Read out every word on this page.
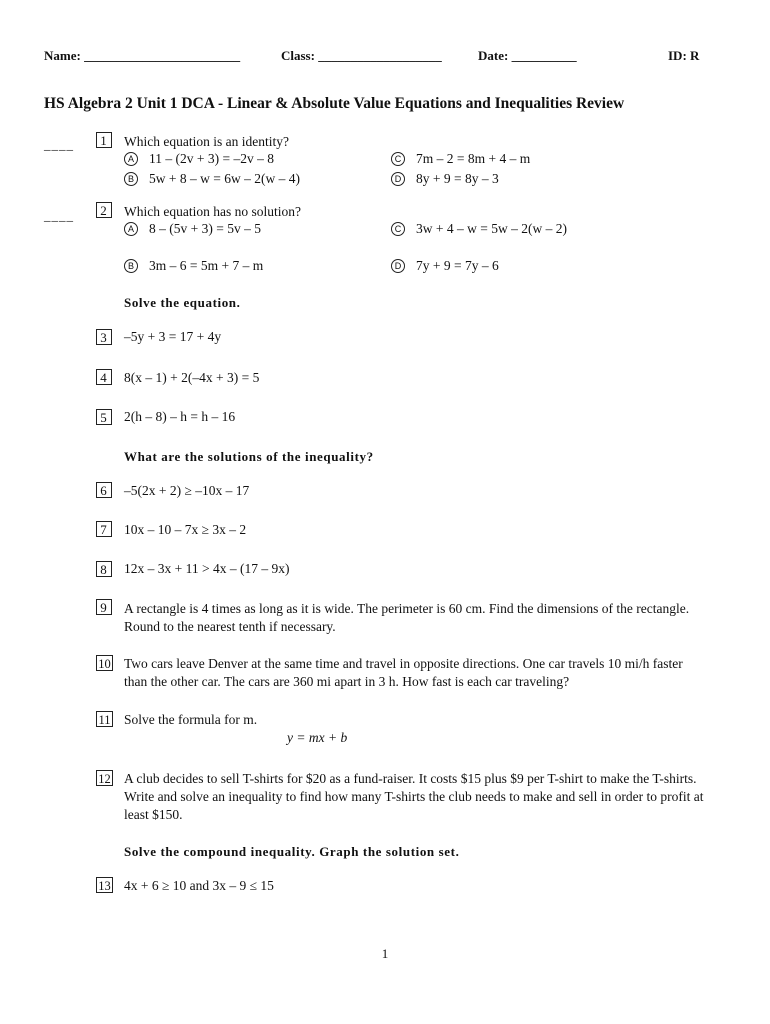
Name: ________________________	Class: ___________________	Date: __________	ID: R
HS Algebra 2 Unit 1 DCA - Linear & Absolute Value Equations and Inequalities Review
____	1	Which equation is an identity?
A 11 – (2v + 3) = –2v – 8
B 5w + 8 – w = 6w – 2(w – 4)
C 7m – 2 = 8m + 4 – m
D 8y + 9 = 8y – 3
____	2	Which equation has no solution?
A 8 – (5v + 3) = 5v – 5
B 3m – 6 = 5m + 7 – m
C 3w + 4 – w = 5w – 2(w – 2)
D 7y + 9 = 7y – 6
Solve the equation.
3	–5y + 3 = 17 + 4y
4	8(x – 1) + 2(–4x + 3) = 5
5	2(h – 8) – h = h – 16
What are the solutions of the inequality?
6	–5(2x + 2) ≥ –10x – 17
7	10x – 10 – 7x ≥ 3x – 2
8	12x – 3x + 11 > 4x – (17 – 9x)
9	A rectangle is 4 times as long as it is wide. The perimeter is 60 cm. Find the dimensions of the rectangle. Round to the nearest tenth if necessary.
10 Two cars leave Denver at the same time and travel in opposite directions. One car travels 10 mi/h faster than the other car. The cars are 360 mi apart in 3 h. How fast is each car traveling?
11 Solve the formula for m.
y = mx + b
12 A club decides to sell T-shirts for $20 as a fund-raiser. It costs $15 plus $9 per T-shirt to make the T-shirts. Write and solve an inequality to find how many T-shirts the club needs to make and sell in order to profit at least $150.
Solve the compound inequality. Graph the solution set.
13 4x + 6 ≥ 10 and 3x – 9 ≤ 15
1
